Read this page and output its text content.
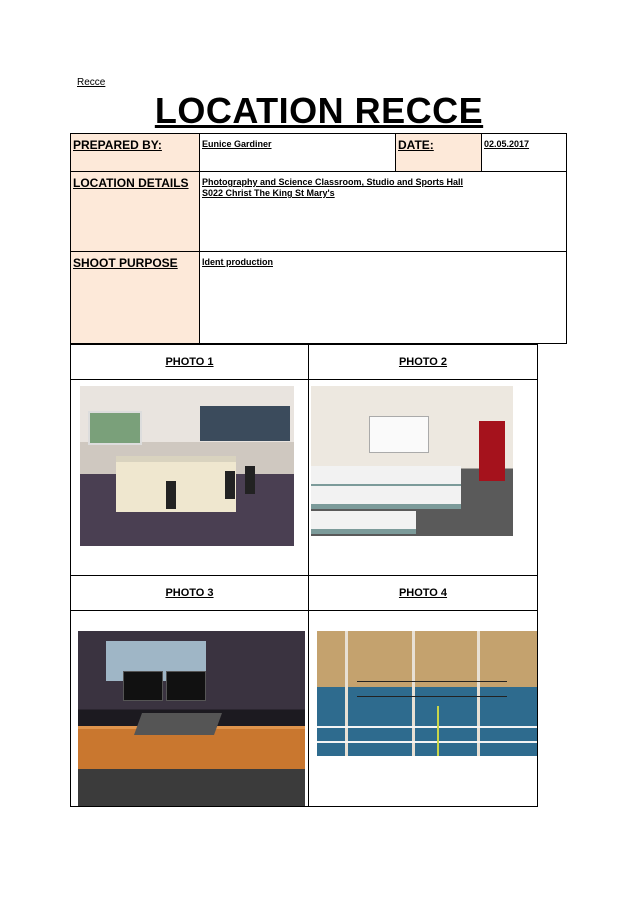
Recce
LOCATION RECCE
PREPARED BY:	Eunice Gardiner	DATE:	02.05.2017

LOCATION DETAILS	Photography and Science Classroom, Studio and Sports Hall
S022 Christ The King St Mary's		

SHOOT PURPOSE	Ident production		
PHOTO 1	PHOTO 2

PHOTO 3	PHOTO 4
